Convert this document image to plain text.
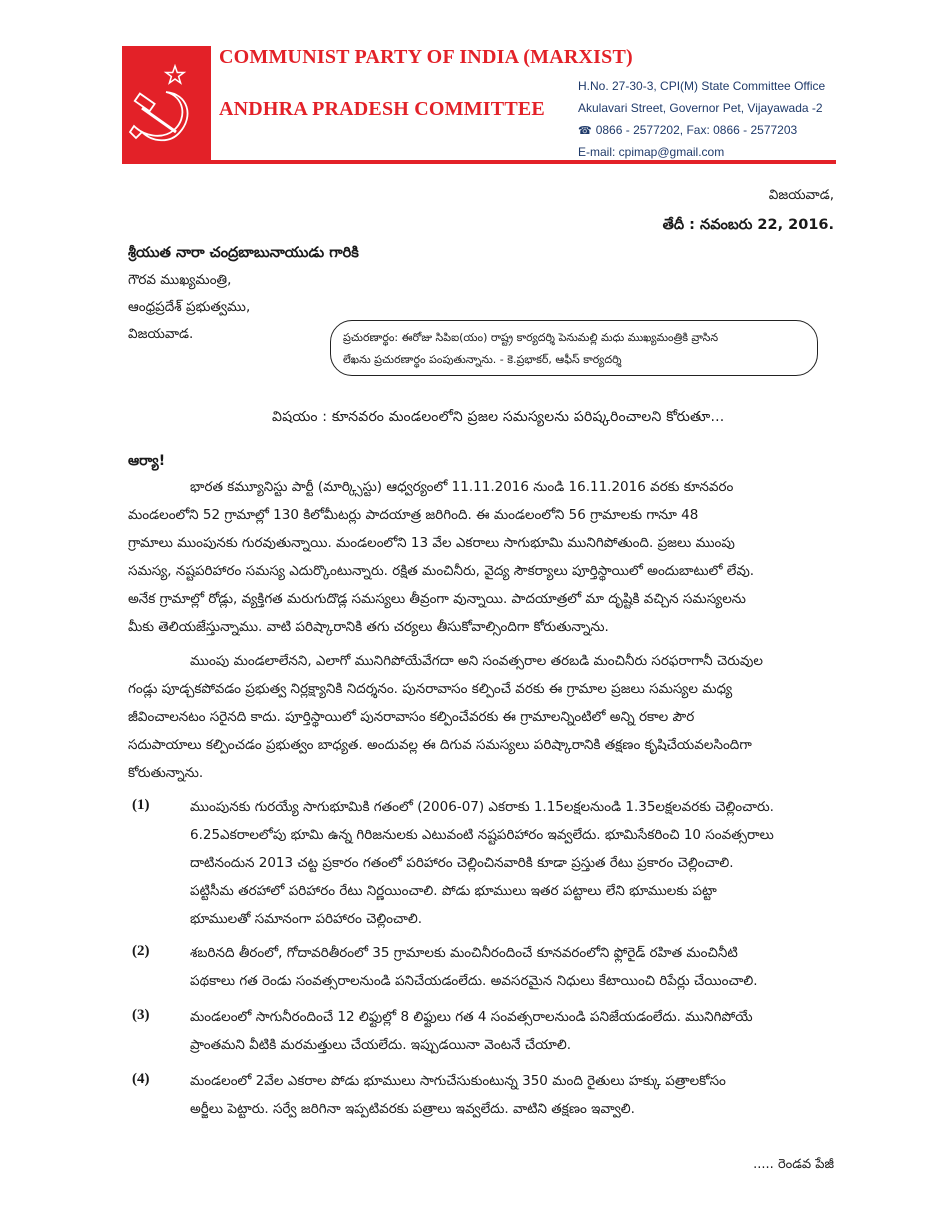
COMMUNIST PARTY OF INDIA (MARXIST)
ANDHRA PRADESH COMMITTEE
H.No. 27-30-3, CPI(M) State Committee Office
Akulavari Street, Governor Pet, Vijayawada -2
☎ 0866 - 2577202, Fax: 0866 - 2577203
E-mail: cpimap@gmail.com
విజయవాడ,
తేదీ : నవంబరు 22, 2016.
శ్రీయుత నారా చంద్రబాబునాయుడు గారికి
గౌరవ ముఖ్యమంత్రి,
ఆంధ్రప్రదేశ్ ప్రభుత్వము,
విజయవాడ.	ప్రచురణార్థం: ఈరోజు సిపిఐ(యం) రాష్ట్ర కార్యదర్శి పెనుమల్లి మధు ముఖ్యమంత్రికి వ్రాసిన
లేఖను ప్రచురణార్థం పంపుతున్నాను. - కె.ప్రభాకర్, ఆఫీస్ కార్యదర్శి
విషయం : కూనవరం మండలంలోని ప్రజల సమస్యలను పరిష్కరించాలని కోరుతూ...
ఆర్యా!
భారత కమ్యూనిస్టు పార్టీ (మార్క్సిస్టు) ఆధ్వర్యంలో 11.11.2016 నుండి 16.11.2016 వరకు కూనవరం
మండలంలోని 52 గ్రామాల్లో 130 కిలోమీటర్లు పాదయాత్ర జరిగింది. ఈ మండలంలోని 56 గ్రామాలకు గానూ 48
గ్రామాలు ముంపునకు గురవుతున్నాయి. మండలంలోని 13 వేల ఎకరాలు సాగుభూమి మునిగిపోతుంది. ప్రజలు ముంపు
సమస్య, నష్టపరిహారం సమస్య ఎదుర్కొంటున్నారు. రక్షిత మంచినీరు, వైద్య సౌకర్యాలు పూర్తిస్థాయిలో అందుబాటులో లేవు.
అనేక గ్రామాల్లో రోడ్లు, వ్యక్తిగత మరుగుదొడ్ల సమస్యలు తీవ్రంగా వున్నాయి. పాదయాత్రలో మా దృష్టికి వచ్చిన సమస్యలను
మీకు తెలియజేస్తున్నాము. వాటి పరిష్కారానికి తగు చర్యలు తీసుకోవాల్సిందిగా కోరుతున్నాను.
ముంపు మండలాలేనని, ఎలాగో మునిగిపోయేవేగదా అని సంవత్సరాల తరబడి మంచినీరు సరఫరాగానీ చెరువుల
గండ్లు పూడ్చకపోవడం ప్రభుత్వ నిర్లక్ష్యానికి నిదర్శనం. పునరావాసం కల్పించే వరకు ఈ గ్రామాల ప్రజలు సమస్యల మధ్య
జీవించాలనటం సరైనది కాదు. పూర్తిస్థాయిలో పునరావాసం కల్పించేవరకు ఈ గ్రామాలన్నింటిలో అన్ని రకాల పౌర
సదుపాయాలు కల్పించడం ప్రభుత్వం బాధ్యత. అందువల్ల ఈ దిగువ సమస్యలు పరిష్కారానికి తక్షణం కృషిచేయవలసిందిగా
కోరుతున్నాను.
(1)	ముంపునకు గురయ్యే సాగుభూమికి గతంలో (2006-07) ఎకరాకు 1.15లక్షలనుండి 1.35లక్షలవరకు చెల్లించారు.
6.25ఎకరాలలోపు భూమి ఉన్న గిరిజనులకు ఎటువంటి నష్టపరిహారం ఇవ్వలేదు. భూమిసేకరించి 10 సంవత్సరాలు
దాటినందున 2013 చట్ట ప్రకారం గతంలో పరిహారం చెల్లించినవారికి కూడా ప్రస్తుత రేటు ప్రకారం చెల్లించాలి.
పట్టిసీమ తరహాలో పరిహారం రేటు నిర్ణయించాలి. పోడు భూములు ఇతర పట్టాలు లేని భూములకు పట్టా
భూములతో సమానంగా పరిహారం చెల్లించాలి.
(2)	శబరినది తీరంలో, గోదావరితీరంలో 35 గ్రామాలకు మంచినీరందించే కూనవరంలోని ఫ్లోరైడ్ రహిత మంచినీటి
పథకాలు గత రెండు సంవత్సరాలనుండి పనిచేయడంలేదు. అవసరమైన నిధులు కేటాయించి రిపేర్లు చేయించాలి.
(3)	మండలంలో సాగునీరందించే 12 లిఫ్టుల్లో 8 లిఫ్టులు గత 4 సంవత్సరాలనుండి పనిజేయడంలేదు. మునిగిపోయే
ప్రాంతమని వీటికి మరమత్తులు చేయలేదు. ఇప్పుడయినా వెంటనే చేయాలి.
(4)	మండలంలో 2వేల ఎకరాల పోడు భూములు సాగుచేసుకుంటున్న 350 మంది రైతులు హక్కు పత్రాలకోసం
అర్జీలు పెట్టారు. సర్వే జరిగినా ఇప్పటివరకు పత్రాలు ఇవ్వలేదు. వాటిని తక్షణం ఇవ్వాలి.
..... రెండవ పేజీ
